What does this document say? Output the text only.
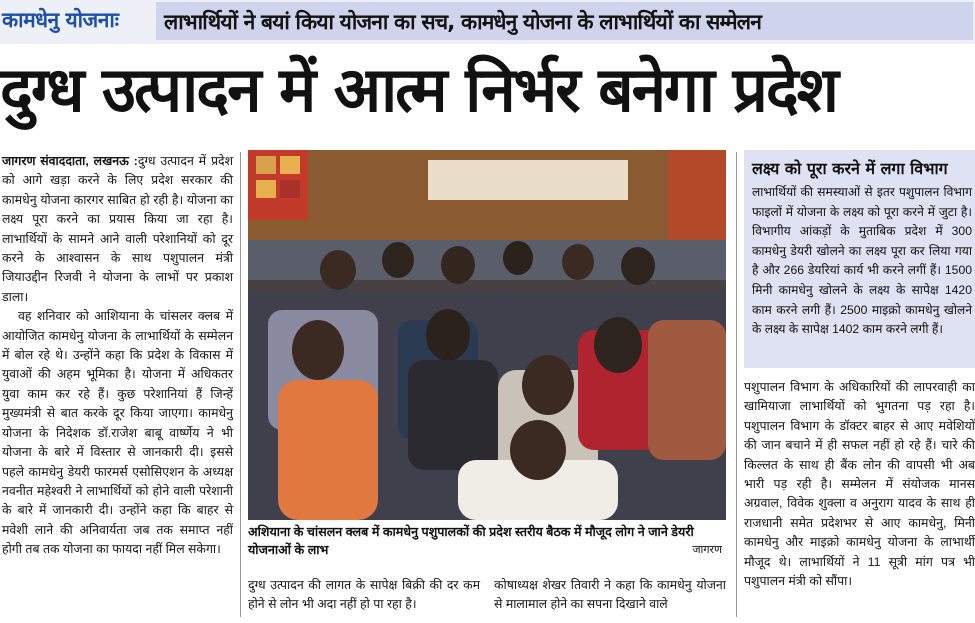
कामधेनु योजनाः लाभार्थियों ने बयां किया योजना का सच, कामधेनु योजना के लाभार्थियों का सम्मेलन
दुग्ध उत्पादन में आत्म निर्भर बनेगा प्रदेश

जागरण संवाददाता, लखनऊ :दुग्ध उत्पादन में प्रदेश को आगे खड़ा करने के लिए प्रदेश सरकार की कामधेनु योजना कारगर साबित हो रही है। योजना का लक्ष्य पूरा करने का प्रयास किया जा रहा है। लाभार्थियों के सामने आने वाली परेशानियों को दूर करने के आश्वासन के साथ पशुपालन मंत्री जियाउद्दीन रिजवी ने योजना के लाभों पर प्रकाश डाला।

वह शनिवार को आशियाना के चांसलर क्लब में आयोजित कामधेनु योजना के लाभार्थियों के सम्मेलन में बोल रहे थे। उन्होंने कहा कि प्रदेश के विकास में युवाओं की अहम भूमिका है। योजना में अधिकतर युवा काम कर रहे हैं। कुछ परेशानियां हैं जिन्हें मुख्यमंत्री से बात करके दूर किया जाएगा। कामधेनु योजना के निदेशक डॉ.राजेश बाबू वार्ष्णेय ने भी योजना के बारे में विस्तार से जानकारी दी। इससे पहले कामधेनु डेयरी फारमर्स एसोसिएशन के अध्यक्ष नवनीत महेश्वरी ने लाभार्थियों को होने वाली परेशानी के बारे में जानकारी दी। उन्होंने कहा कि बाहर से मवेशी लाने की अनिवार्यता जब तक समाप्त नहीं होगी तब तक योजना का फायदा नहीं मिल सकेगा।

अशियाना के चांसलन क्लब में कामधेनु पशुपालकों की प्रदेश स्तरीय बैठक में मौजूद लोग ने जाने डेयरी योजनाओं के लाभ	जागरण
दुग्ध उत्पादन की लागत के सापेक्ष बिक्री की दर कम होने से लोन भी अदा नहीं हो पा रहा है।
कोषाध्यक्ष शेखर तिवारी ने कहा कि कामधेनु योजना से मालामाल होने का सपना दिखाने वाले
लक्ष्य को पूरा करने में लगा विभाग
लाभार्थियों की समस्याओं से इतर पशुपालन विभाग फाइलों में योजना के लक्ष्य को पूरा करने में जुटा है। विभागीय आंकड़ों के मुताबिक प्रदेश में 300 कामधेनु डेयरी खोलने का लक्ष्य पूरा कर लिया गया है और 266 डेयरियां कार्य भी करने लगीं हैं। 1500 मिनी कामधेनु खोलने के लक्ष्य के सापेक्ष 1420 काम करने लगी हैं। 2500 माइक्रो कामधेनु खोलने के लक्ष्य के सापेक्ष 1402 काम करने लगी हैं।
पशुपालन विभाग के अधिकारियों की लापरवाही का खामियाजा लाभार्थियों को भुगतना पड़ रहा है। पशुपालन विभाग के डॉक्टर बाहर से आए मवेशियों की जान बचाने में ही सफल नहीं हो रहे हैं। चारे की किल्लत के साथ ही बैंक लोन की वापसी भी अब भारी पड़ रही है। सम्मेलन में संयोजक मानस अग्रवाल, विवेक शुक्ला व अनुराग यादव के साथ ही राजधानी समेत प्रदेशभर से आए कामधेनु, मिनी कामधेनु और माइक्रो कामधेनु योजना के लाभार्थी मौजूद थे। लाभार्थियों ने 11 सूत्री मांग पत्र भी पशुपालन मंत्री को सौंपा।
